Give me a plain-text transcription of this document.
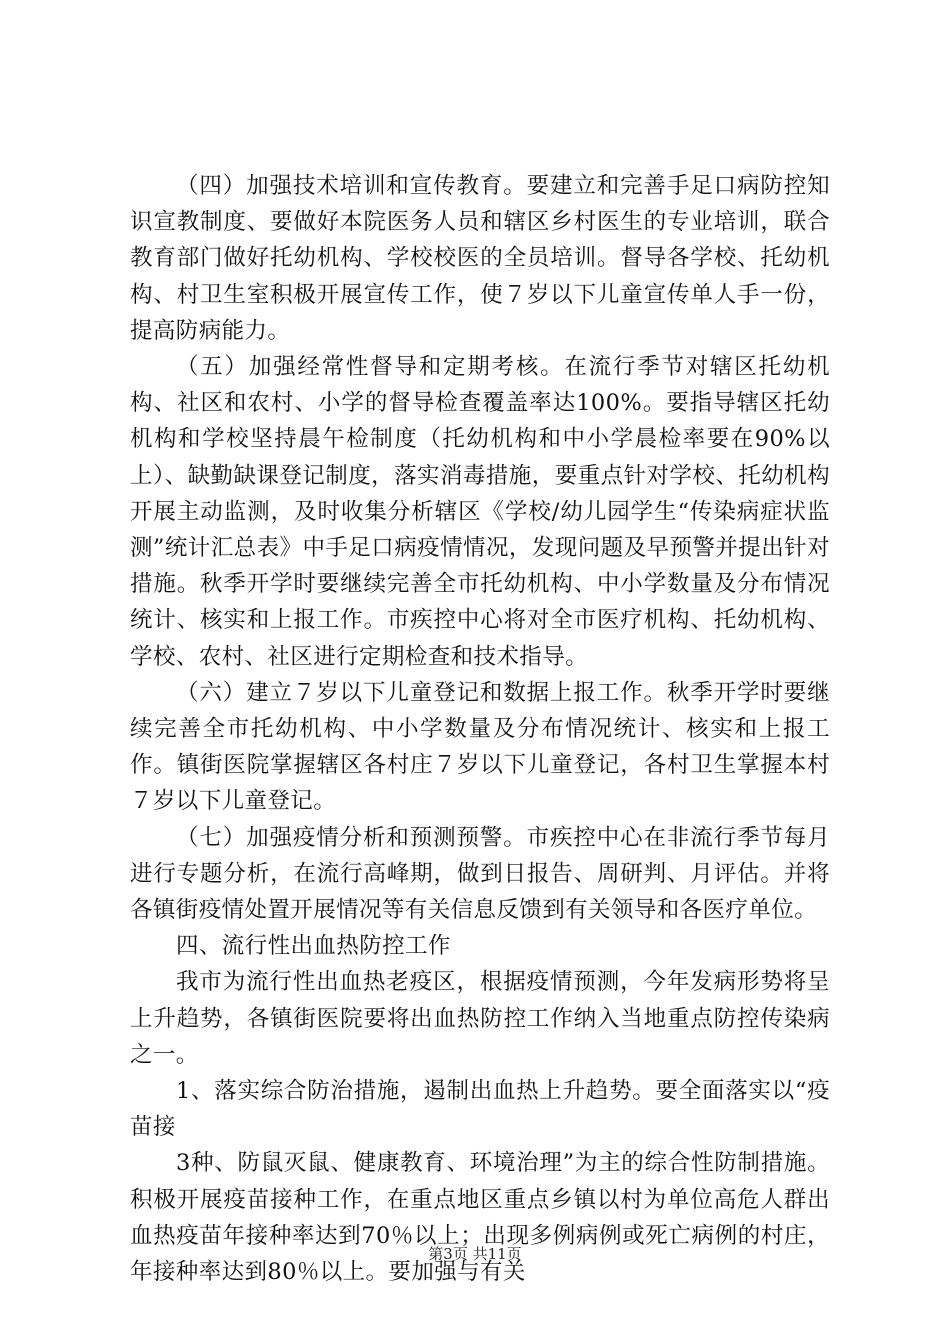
（四）加强技术培训和宣传教育。要建立和完善手足口病防控知识宣教制度、要做好本院医务人员和辖区乡村医生的专业培训，联合教育部门做好托幼机构、学校校医的全员培训。督导各学校、托幼机构、村卫生室积极开展宣传工作，使７岁以下儿童宣传单人手一份，提高防病能力。

（五）加强经常性督导和定期考核。在流行季节对辖区托幼机构、社区和农村、小学的督导检查覆盖率达100%。要指导辖区托幼机构和学校坚持晨午检制度（托幼机构和中小学晨检率要在90%以上）、缺勤缺课登记制度，落实消毒措施，要重点针对学校、托幼机构开展主动监测，及时收集分析辖区《学校/幼儿园学生“传染病症状监测”统计汇总表》中手足口病疫情情况，发现问题及早预警并提出针对措施。秋季开学时要继续完善全市托幼机构、中小学数量及分布情况统计、核实和上报工作。市疾控中心将对全市医疗机构、托幼机构、学校、农村、社区进行定期检查和技术指导。

（六）建立７岁以下儿童登记和数据上报工作。秋季开学时要继续完善全市托幼机构、中小学数量及分布情况统计、核实和上报工作。镇街医院掌握辖区各村庄７岁以下儿童登记，各村卫生掌握本村７岁以下儿童登记。

（七）加强疫情分析和预测预警。市疾控中心在非流行季节每月进行专题分析，在流行高峰期，做到日报告、周研判、月评估。并将各镇街疫情处置开展情况等有关信息反馈到有关领导和各医疗单位。

四、流行性出血热防控工作

我市为流行性出血热老疫区，根据疫情预测，今年发病形势将呈上升趋势，各镇街医院要将出血热防控工作纳入当地重点防控传染病之一。

1、落实综合防治措施，遏制出血热上升趋势。要全面落实以“疫苗接

3种、防鼠灭鼠、健康教育、环境治理”为主的综合性防制措施。积极开展疫苗接种工作，在重点地区重点乡镇以村为单位高危人群出血热疫苗年接种率达到70％以上；出现多例病例或死亡病例的村庄，年接种率达到80％以上。要加强与有关

第3页 共11页
